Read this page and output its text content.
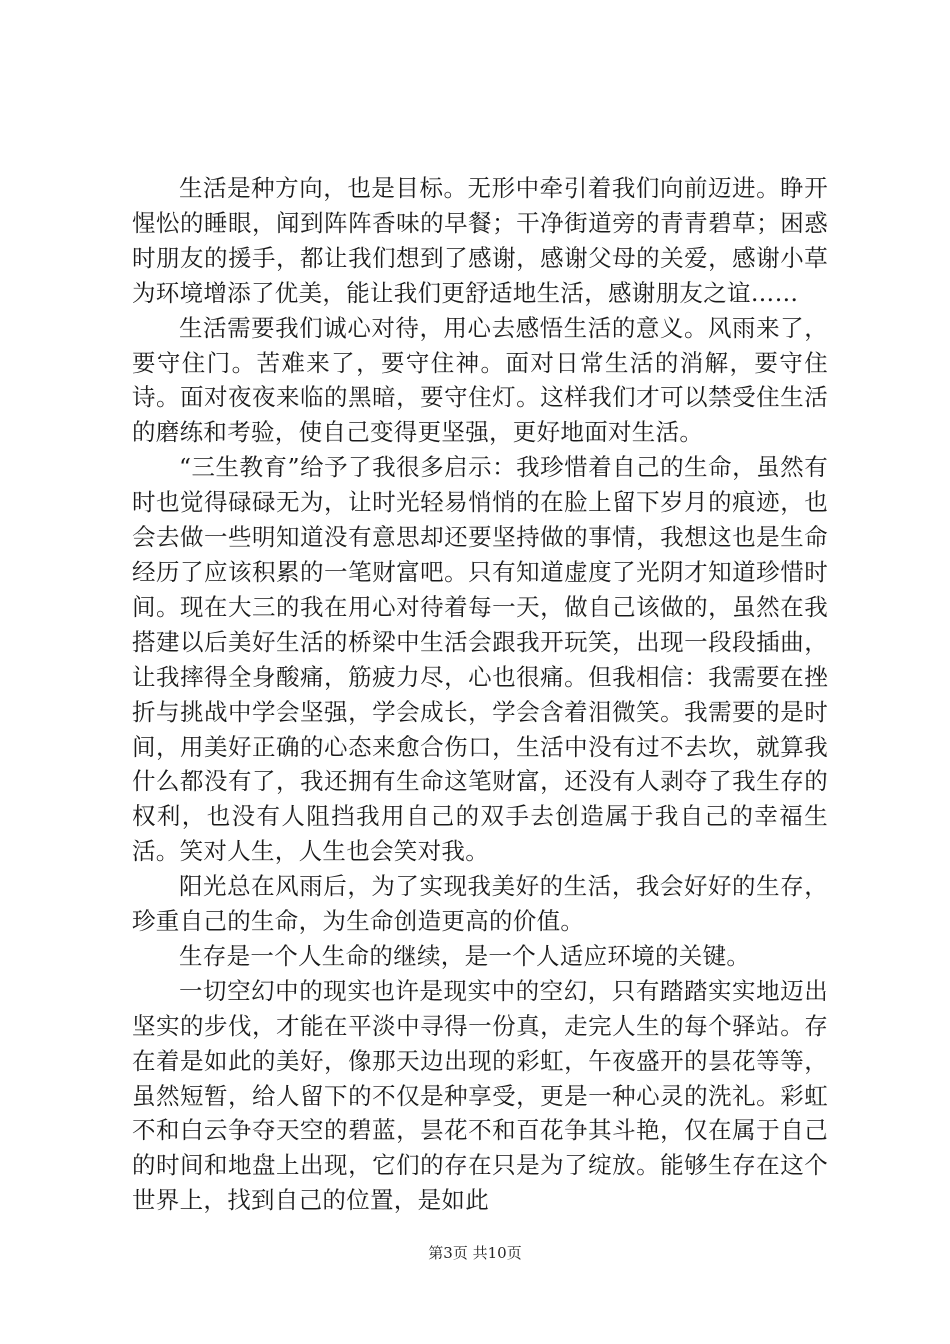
生活是种方向，也是目标。无形中牵引着我们向前迈进。睁开惺忪的睡眼，闻到阵阵香味的早餐；干净街道旁的青青碧草；困惑时朋友的援手，都让我们想到了感谢，感谢父母的关爱，感谢小草为环境增添了优美，能让我们更舒适地生活，感谢朋友之谊……

生活需要我们诚心对待，用心去感悟生活的意义。风雨来了，要守住门。苦难来了，要守住神。面对日常生活的消解，要守住诗。面对夜夜来临的黑暗，要守住灯。这样我们才可以禁受住生活的磨练和考验，使自己变得更坚强，更好地面对生活。

“三生教育”给予了我很多启示：我珍惜着自己的生命，虽然有时也觉得碌碌无为，让时光轻易悄悄的在脸上留下岁月的痕迹，也会去做一些明知道没有意思却还要坚持做的事情，我想这也是生命经历了应该积累的一笔财富吧。只有知道虚度了光阴才知道珍惜时间。现在大三的我在用心对待着每一天，做自己该做的，虽然在我搭建以后美好生活的桥梁中生活会跟我开玩笑，出现一段段插曲，让我摔得全身酸痛，筋疲力尽，心也很痛。但我相信：我需要在挫折与挑战中学会坚强，学会成长，学会含着泪微笑。我需要的是时间，用美好正确的心态来愈合伤口，生活中没有过不去坎，就算我什么都没有了，我还拥有生命这笔财富，还没有人剥夺了我生存的权利，也没有人阻挡我用自己的双手去创造属于我自己的幸福生活。笑对人生，人生也会笑对我。

阳光总在风雨后，为了实现我美好的生活，我会好好的生存，珍重自己的生命，为生命创造更高的价值。

生存是一个人生命的继续，是一个人适应环境的关键。

一切空幻中的现实也许是现实中的空幻，只有踏踏实实地迈出坚实的步伐，才能在平淡中寻得一份真，走完人生的每个驿站。存在着是如此的美好，像那天边出现的彩虹，午夜盛开的昙花等等，虽然短暂，给人留下的不仅是种享受，更是一种心灵的洗礼。彩虹不和白云争夺天空的碧蓝，昙花不和百花争其斗艳，仅在属于自己的时间和地盘上出现，它们的存在只是为了绽放。能够生存在这个世界上，找到自己的位置，是如此

第3页 共10页
